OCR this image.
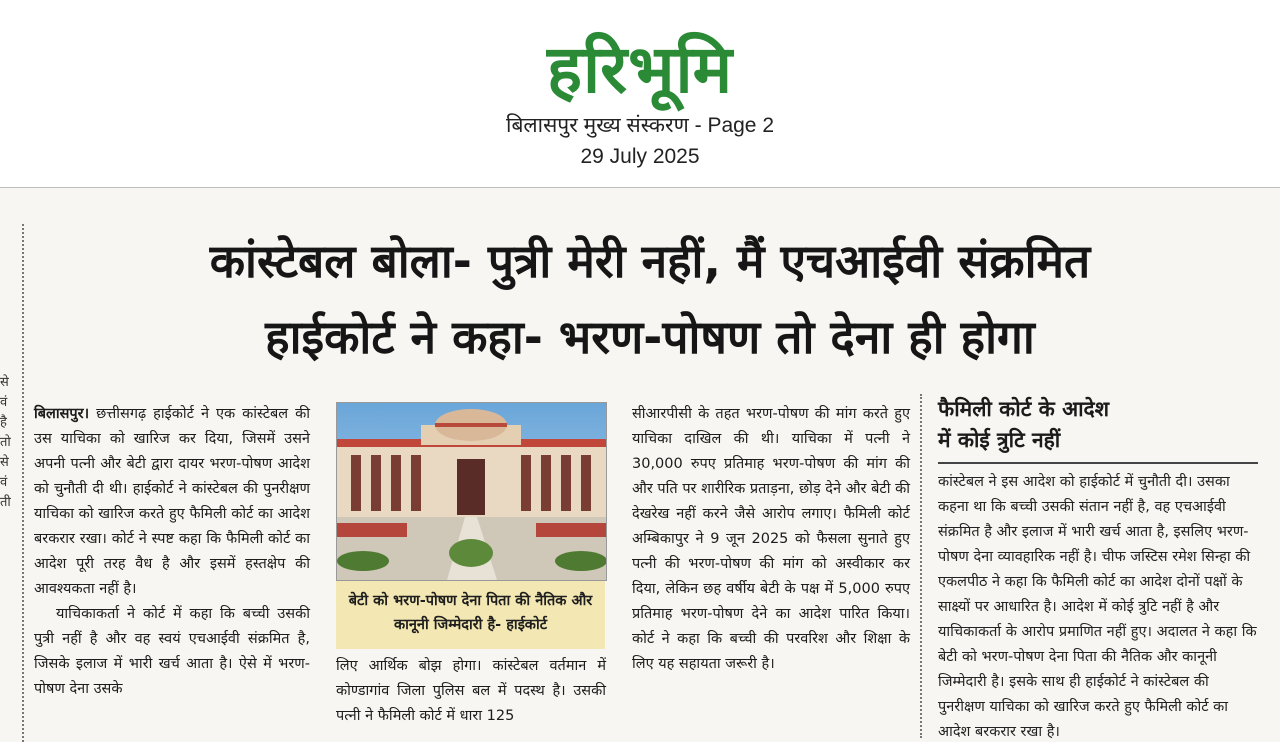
हरिभूमि
बिलासपुर मुख्य संस्करण - Page 2
29 July 2025
से
वं
है
तो
से
वं
ती
कांस्टेबल बोला- पुत्री मेरी नहीं, मैं एचआईवी संक्रमित
हाईकोर्ट ने कहा- भरण-पोषण तो देना ही होगा

बिलासपुर। छत्तीसगढ़ हाईकोर्ट ने एक कांस्टेबल की उस याचिका को खारिज कर दिया, जिसमें उसने अपनी पत्नी और बेटी द्वारा दायर भरण-पोषण आदेश को चुनौती दी थी। हाईकोर्ट ने कांस्टेबल की पुनरीक्षण याचिका को खारिज करते हुए फैमिली कोर्ट का आदेश बरकरार रखा। कोर्ट ने स्पष्ट कहा कि फैमिली कोर्ट का आदेश पूरी तरह वैध है और इसमें हस्तक्षेप की आवश्यकता नहीं है।

याचिकाकर्ता ने कोर्ट में कहा कि बच्ची उसकी पुत्री नहीं है और वह स्वयं एचआईवी संक्रमित है, जिसके इलाज में भारी खर्च आता है। ऐसे में भरण-पोषण देना उसके

बेटी को भरण-पोषण देना पिता की नैतिक और कानूनी जिम्मेदारी है- हाईकोर्ट

लिए आर्थिक बोझ होगा। कांस्टेबल वर्तमान में कोण्डागांव जिला पुलिस बल में पदस्थ है। उसकी पत्नी ने फैमिली कोर्ट में धारा 125

सीआरपीसी के तहत भरण-पोषण की मांग करते हुए याचिका दाखिल की थी। याचिका में पत्नी ने 30,000 रुपए प्रतिमाह भरण-पोषण की मांग की और पति पर शारीरिक प्रताड़ना, छोड़ देने और बेटी की देखरेख नहीं करने जैसे आरोप लगाए। फैमिली कोर्ट अम्बिकापुर ने 9 जून 2025 को फैसला सुनाते हुए पत्नी की भरण-पोषण की मांग को अस्वीकार कर दिया, लेकिन छह वर्षीय बेटी के पक्ष में 5,000 रुपए प्रतिमाह भरण-पोषण देने का आदेश पारित किया। कोर्ट ने कहा कि बच्ची की परवरिश और शिक्षा के लिए यह सहायता जरूरी है।

फैमिली कोर्ट के आदेश
में कोई त्रुटि नहीं
कांस्टेबल ने इस आदेश को हाईकोर्ट में चुनौती दी। उसका कहना था कि बच्ची उसकी संतान नहीं है, वह एचआईवी संक्रमित है और इलाज में भारी खर्च आता है, इसलिए भरण-पोषण देना व्यावहारिक नहीं है। चीफ जस्टिस रमेश सिन्हा की एकलपीठ ने कहा कि फैमिली कोर्ट का आदेश दोनों पक्षों के साक्ष्यों पर आधारित है। आदेश में कोई त्रुटि नहीं है और याचिकाकर्ता के आरोप प्रमाणित नहीं हुए। अदालत ने कहा कि बेटी को भरण-पोषण देना पिता की नैतिक और कानूनी जिम्मेदारी है। इसके साथ ही हाईकोर्ट ने कांस्टेबल की पुनरीक्षण याचिका को खारिज करते हुए फैमिली कोर्ट का आदेश बरकरार रखा है।
